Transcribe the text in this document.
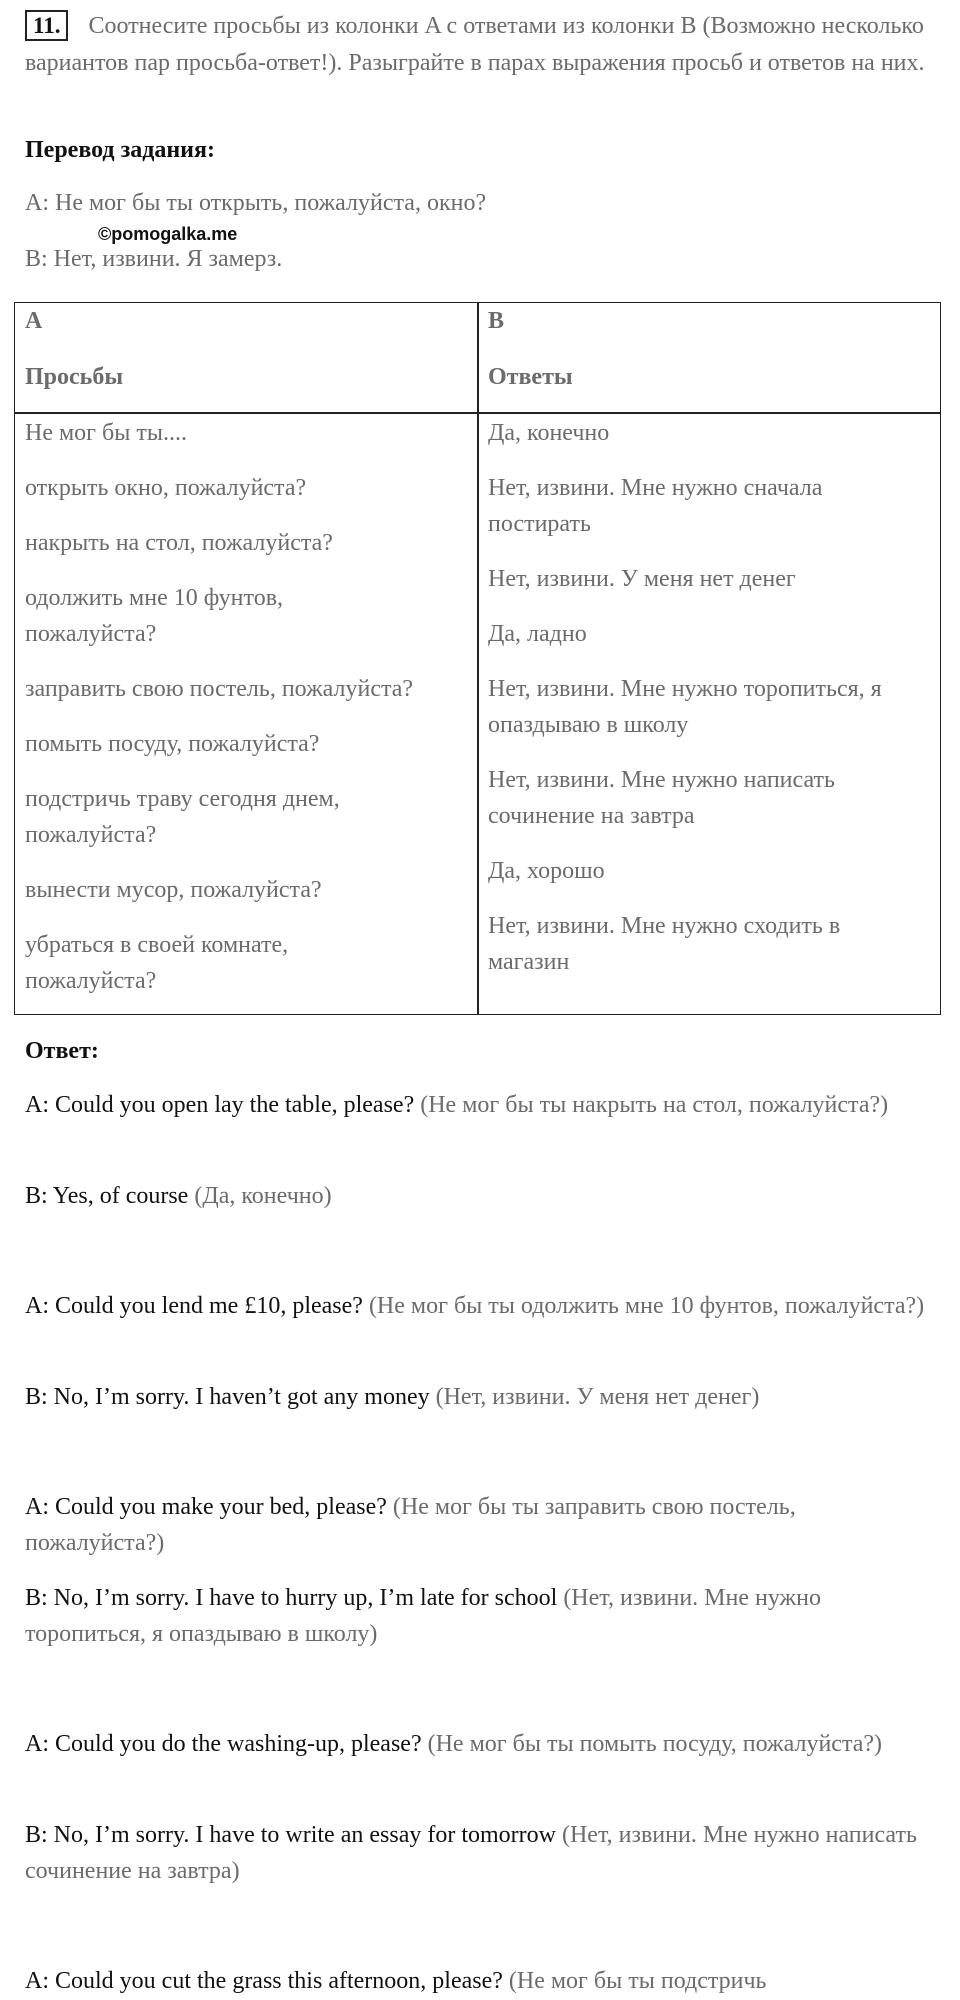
11. Соотнесите просьбы из колонки A с ответами из колонки B (Возможно несколько вариантов пар просьба-ответ!). Разыграйте в парах выражения просьб и ответов на них.
Перевод задания:
A: Не мог бы ты открыть, пожалуйста, окно?
©pomogalka.me
B: Нет, извини. Я замерз.
A
Просьбы
B
Ответы
Не мог бы ты....
открыть окно, пожалуйста?
накрыть на стол, пожалуйста?
одолжить мне 10 фунтов, пожалуйста?
заправить свою постель, пожалуйста?
помыть посуду, пожалуйста?
подстричь траву сегодня днем, пожалуйста?
вынести мусор, пожалуйста?
убраться в своей комнате, пожалуйста?
Да, конечно
Нет, извини. Мне нужно сначала постирать
Нет, извини. У меня нет денег
Да, ладно
Нет, извини. Мне нужно торопиться, я опаздываю в школу
Нет, извини. Мне нужно написать сочинение на завтра
Да, хорошо
Нет, извини. Мне нужно сходить в магазин
Ответ:
A: Could you open lay the table, please? (Не мог бы ты накрыть на стол, пожалуйста?)
B: Yes, of course (Да, конечно)
A: Could you lend me £10, please? (Не мог бы ты одолжить мне 10 фунтов, пожалуйста?)
B: No, I’m sorry. I haven’t got any money (Нет, извини. У меня нет денег)
A: Could you make your bed, please? (Не мог бы ты заправить свою постель, пожалуйста?)
B: No, I’m sorry. I have to hurry up, I’m late for school (Нет, извини. Мне нужно торопиться, я опаздываю в школу)
A: Could you do the washing-up, please? (Не мог бы ты помыть посуду, пожалуйста?)
B: No, I’m sorry. I have to write an essay for tomorrow (Нет, извини. Мне нужно написать сочинение на завтра)
A: Could you cut the grass this afternoon, please? (Не мог бы ты подстричь
